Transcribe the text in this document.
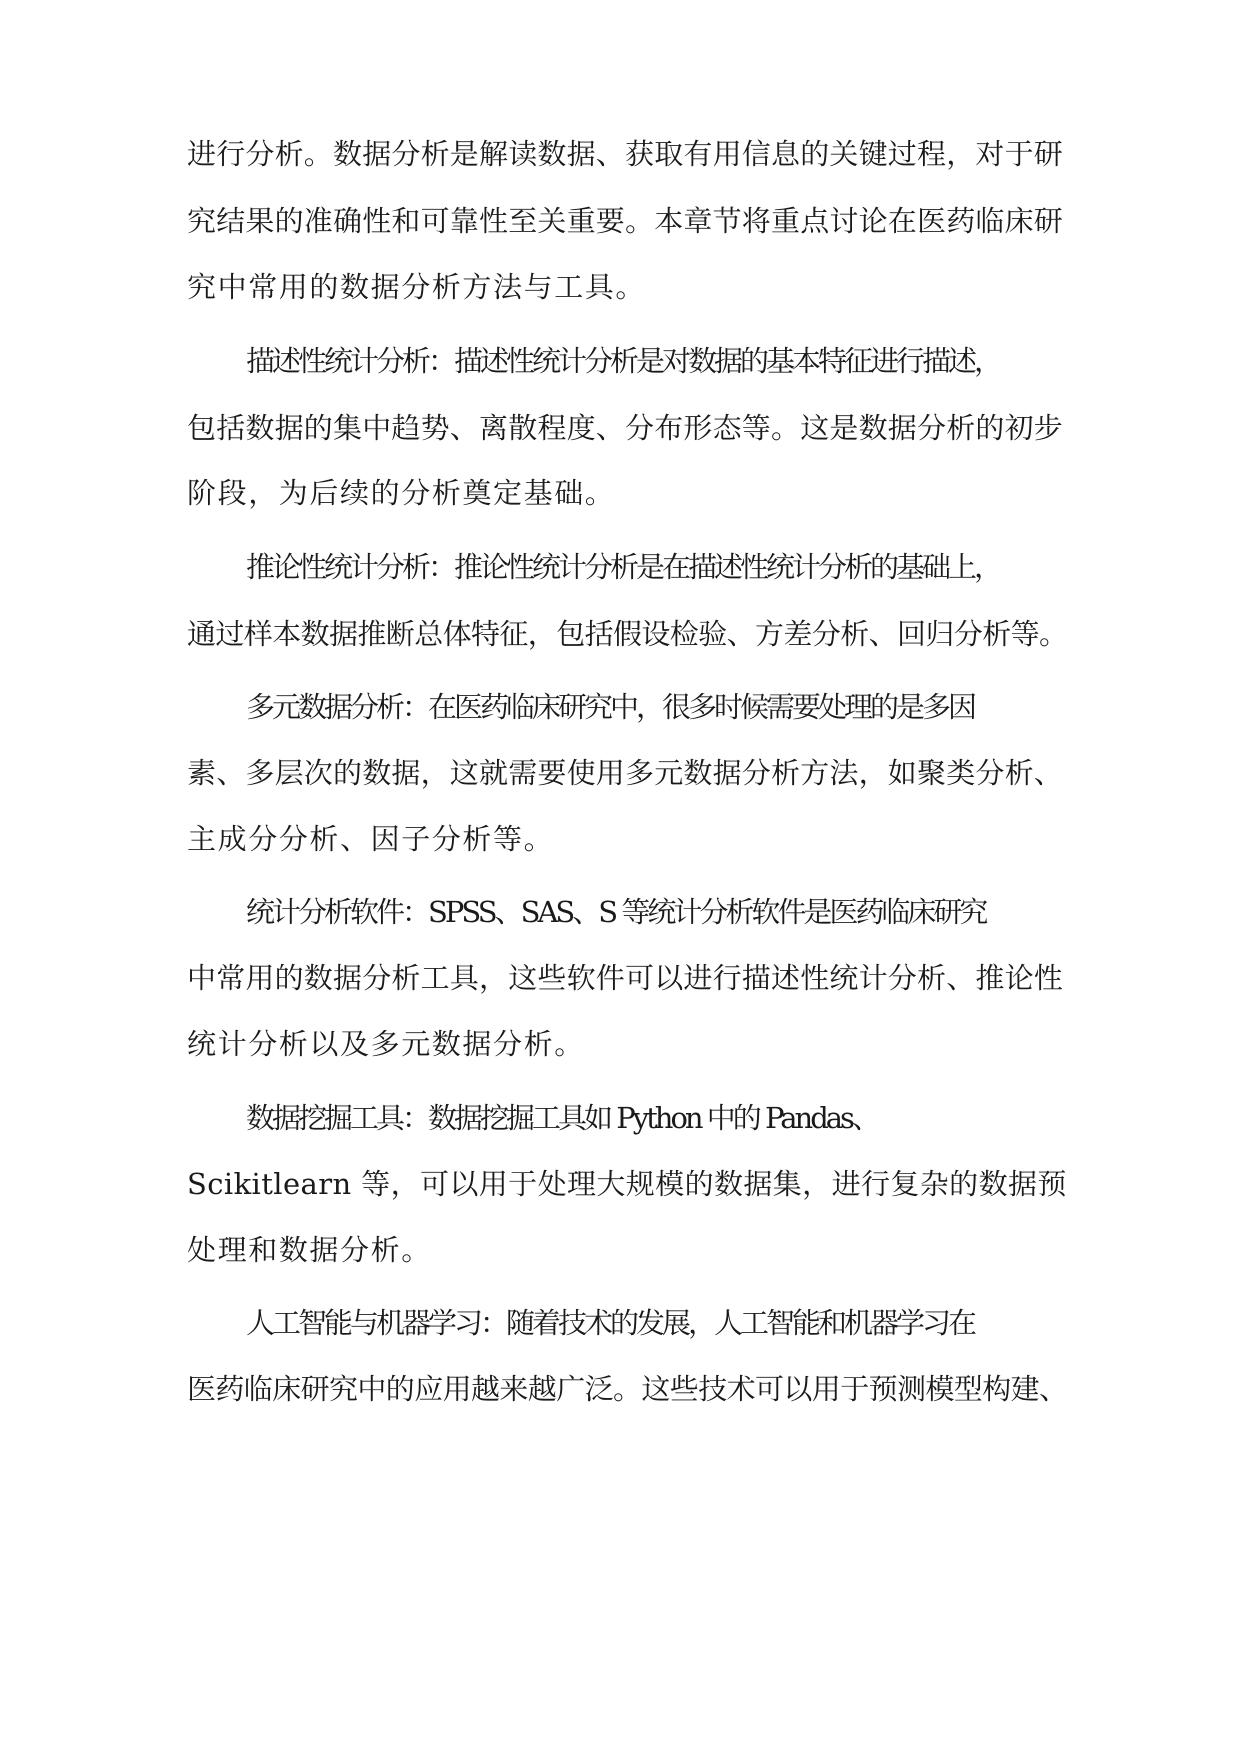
进行分析。数据分析是解读数据、获取有用信息的关键过程，对于研
究结果的准确性和可靠性至关重要。本章节将重点讨论在医药临床研
究中常用的数据分析方法与工具。
描述性统计分析：描述性统计分析是对数据的基本特征进行描述，
包括数据的集中趋势、离散程度、分布形态等。这是数据分析的初步
阶段，为后续的分析奠定基础。
推论性统计分析：推论性统计分析是在描述性统计分析的基础上，
通过样本数据推断总体特征，包括假设检验、方差分析、回归分析等。
多元数据分析：在医药临床研究中，很多时候需要处理的是多因
素、多层次的数据，这就需要使用多元数据分析方法，如聚类分析、
主成分分析、因子分析等。
统计分析软件：SPSS、SAS、S 等统计分析软件是医药临床研究
中常用的数据分析工具，这些软件可以进行描述性统计分析、推论性
统计分析以及多元数据分析。
数据挖掘工具：数据挖掘工具如 Python 中的 Pandas、
Scikitlearn 等，可以用于处理大规模的数据集，进行复杂的数据预
处理和数据分析。
人工智能与机器学习：随着技术的发展，人工智能和机器学习在
医药临床研究中的应用越来越广泛。这些技术可以用于预测模型构建、
